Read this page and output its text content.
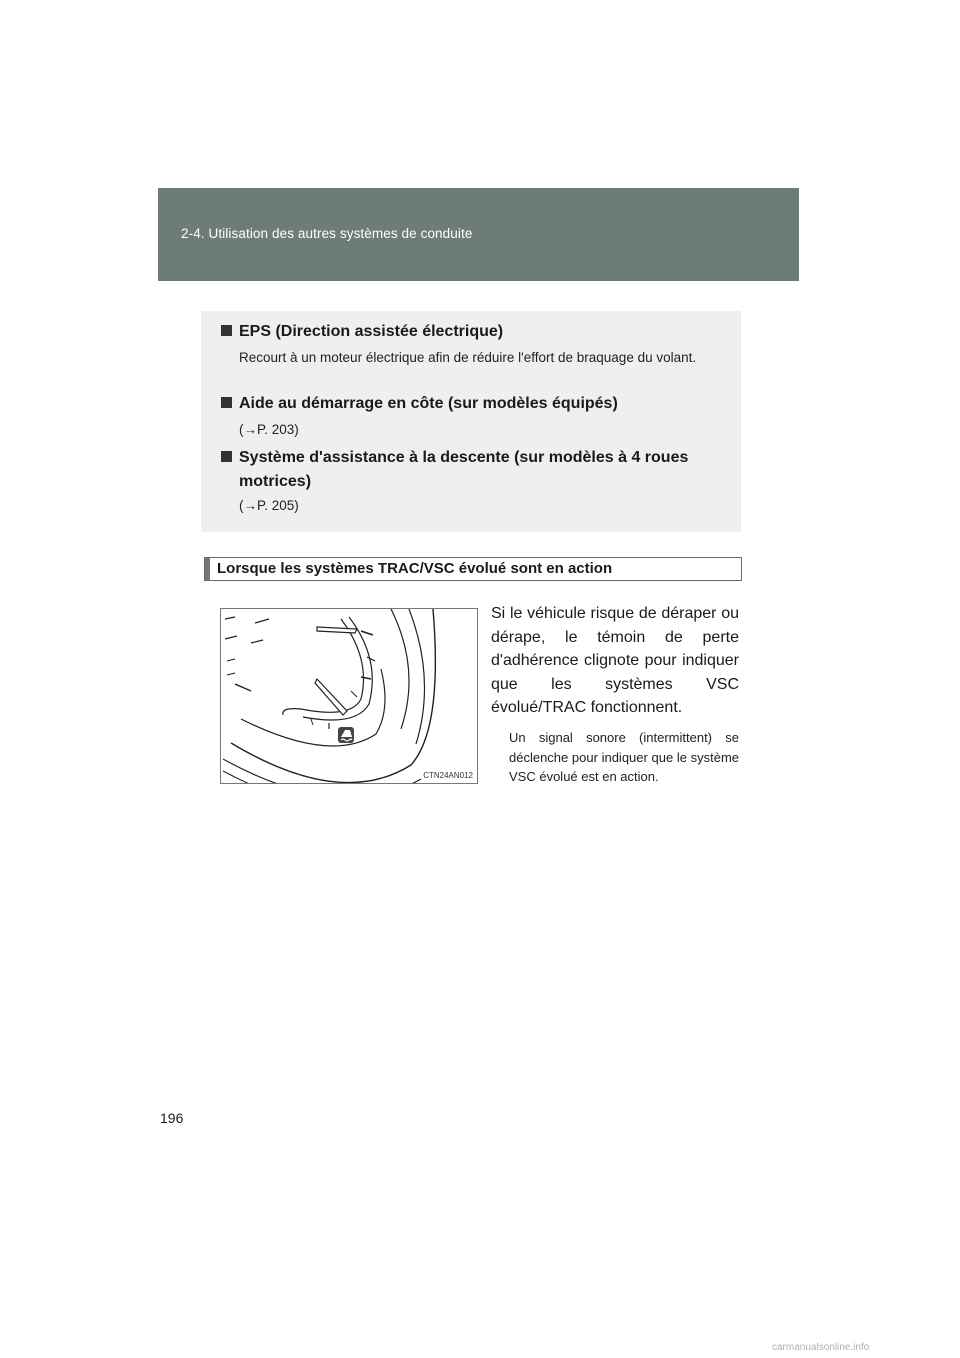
2-4. Utilisation des autres systèmes de conduite
EPS (Direction assistée électrique)
Recourt à un moteur électrique afin de réduire l'effort de braquage du volant.
Aide au démarrage en côte (sur modèles équipés)
(→P. 203)
Système d'assistance à la descente (sur modèles à 4 roues
motrices)
(→P. 205)
Lorsque les systèmes TRAC/VSC évolué sont en action
CTN24AN012
Si le véhicule risque de déraper ou dérape, le témoin de perte d'adhérence clignote pour indiquer que les systèmes VSC évolué/TRAC fonctionnent.
Un signal sonore (intermittent) se déclenche pour indiquer que le système VSC évolué est en action.
196
carmanualsonline.info
